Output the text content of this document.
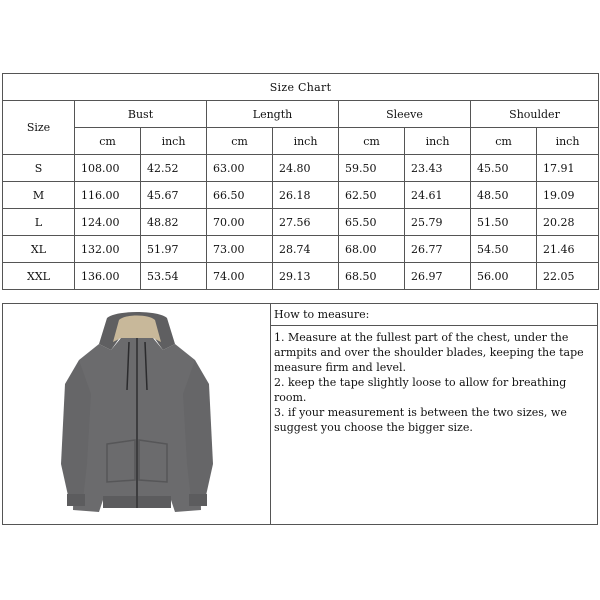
Size Chart								
Size	Bust		Length		Sleeve		Shoulder	
	cm	inch	cm	inch	cm	inch	cm	inch
S	108.00	42.52	63.00	24.80	59.50	23.43	45.50	17.91
M	116.00	45.67	66.50	26.18	62.50	24.61	48.50	19.09
L	124.00	48.82	70.00	27.56	65.50	25.79	51.50	20.28
XL	132.00	51.97	73.00	28.74	68.00	26.77	54.50	21.46
XXL	136.00	53.54	74.00	29.13	68.50	26.97	56.00	22.05
How to measure:

1. Measure at the fullest part of the chest, under the armpits and over the shoulder blades, keeping the tape measure firm and level.

2. keep the tape slightly loose to allow for breathing room.

3. if your measurement is between the two sizes, we suggest you choose the bigger size.
